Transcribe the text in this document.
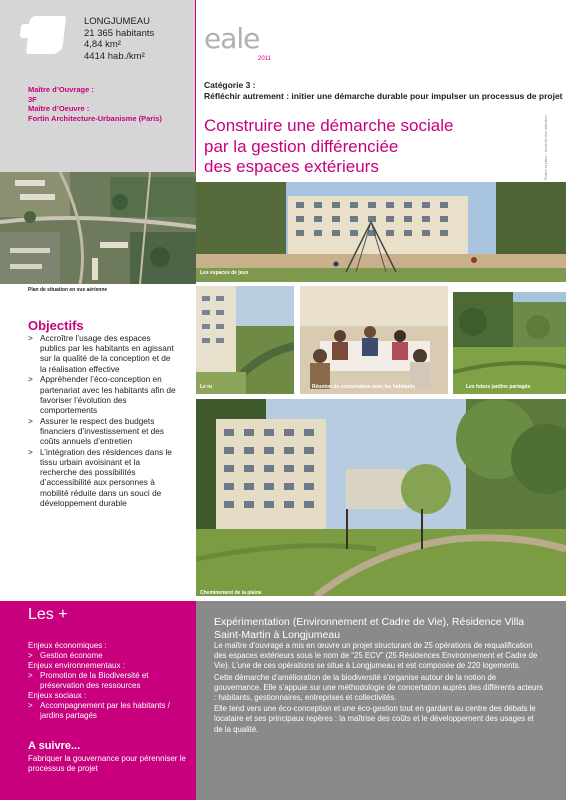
LONGJUMEAU
21 365 habitants
4,84 km²
4414 hab./km²
Maître d’Ouvrage :
3F
Maître d’Oeuvre :
Fortin Architecture-Urbanisme (Paris)
eale
2011
Catégorie 3 :
Réfléchir autrement : initier une démarche durable pour impulser un processus de projet
Construire une démarche sociale
par la gestion différenciée
des espaces extérieurs	Photos et plans – droits de libre utilisation
Plan de situation en vue aérienne
Les espaces de jeux
Le ru	Réunion de concertation avec les habitants	Les futurs jardins partagés
Cheminement de la plaine
Objectifs
> Accroître l’usage des espaces publics par les habitants en agissant sur la qualité de la conception et de la réalisation effective
> Appréhender l’éco-conception en partenariat avec les habitants afin de favoriser l’évolution des comportements
> Assurer le respect des budgets financiers d’investissement et des coûts annuels d’entretien
> L’intégration des résidences dans le tissu urbain avoisinant et la recherche des possibilités d’accessibilité aux personnes à mobilité réduite dans un souci de développement durable
Les +
Enjeux économiques :
> Gestion économe
Enjeux environnementaux :
> Promotion de la Biodiversité et préservation des ressources
Enjeux sociaux :
> Accompagnement par les habitants / jardins partagés
A suivre...
Fabriquer la gouvernance pour pérenniser le processus de projet
Expérimentation (Environnement et Cadre de Vie), Résidence Villa Saint-Martin à Longjumeau

Le maître d’ouvrage a mis en œuvre un projet structurant de 25 opérations de requalification des espaces extérieurs sous le nom de “25 ECV” (25 Résidences Environnement et Cadre de Vie). L’une de ces opérations se situe à Longjumeau et est composée de 220 logements.

Cette démarche d’amélioration de la biodiversité s’organise autour de la notion de gouvernance. Elle s’appuie sur une méthodologie de concertation auprès des différents acteurs : habitants, gestionnaires, entreprises et collectivités.

Elle tend vers une éco-conception et une éco-gestion tout en gardant au centre des débats le locataire et ses principaux repères : la maîtrise des coûts et le développement des usages et de la qualité.
